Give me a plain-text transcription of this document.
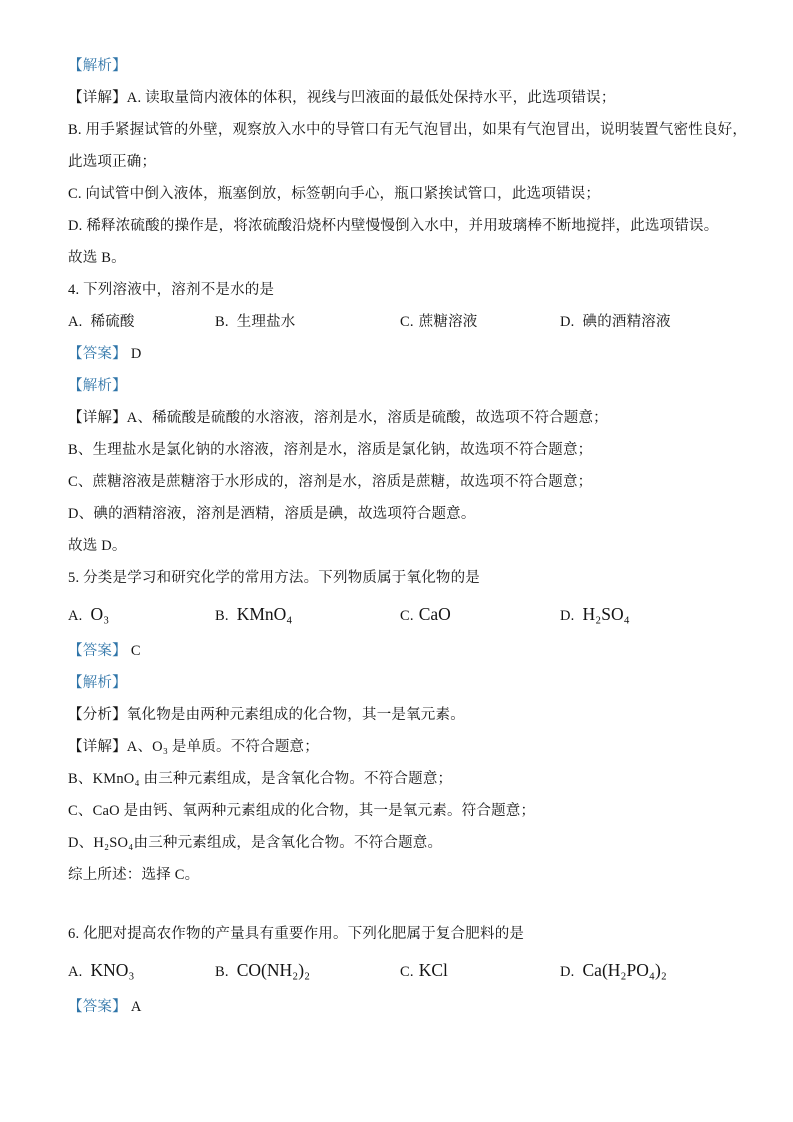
【解析】
【详解】A. 读取量筒内液体的体积，视线与凹液面的最低处保持水平，此选项错误；
B. 用手紧握试管的外壁，观察放入水中的导管口有无气泡冒出，如果有气泡冒出，说明装置气密性良好，
此选项正确；
C. 向试管中倒入液体，瓶塞倒放，标签朝向手心，瓶口紧挨试管口，此选项错误；
D. 稀释浓硫酸的操作是，将浓硫酸沿烧杯内壁慢慢倒入水中，并用玻璃棒不断地搅拌，此选项错误。
故选 B。
4. 下列溶液中，溶剂不是水的是
A. 稀硫酸	B. 生理盐水	C. 蔗糖溶液	D. 碘的酒精溶液
【答案】 D
【解析】
【详解】A、稀硫酸是硫酸的水溶液，溶剂是水，溶质是硫酸，故选项不符合题意；
B、生理盐水是氯化钠的水溶液，溶剂是水，溶质是氯化钠，故选项不符合题意；
C、蔗糖溶液是蔗糖溶于水形成的，溶剂是水，溶质是蔗糖，故选项不符合题意；
D、碘的酒精溶液，溶剂是酒精，溶质是碘，故选项符合题意。
故选 D。
5. 分类是学习和研究化学的常用方法。下列物质属于氧化物的是
A. O₃	B. KMnO₄	C. CaO	D. H₂SO₄
【答案】 C
【解析】
【分析】氧化物是由两种元素组成的化合物，其一是氧元素。
【详解】A、O₃ 是单质。不符合题意；
B、KMnO₄ 由三种元素组成，是含氧化合物。不符合题意；
C、CaO 是由钙、氧两种元素组成的化合物，其一是氧元素。符合题意；
D、H₂SO₄由三种元素组成，是含氧化合物。不符合题意。
综上所述：选择 C。
6. 化肥对提高农作物的产量具有重要作用。下列化肥属于复合肥料的是
A. KNO₃	B. CO(NH₂)₂	C. KCl	D. Ca(H₂PO₄)₂
【答案】 A
